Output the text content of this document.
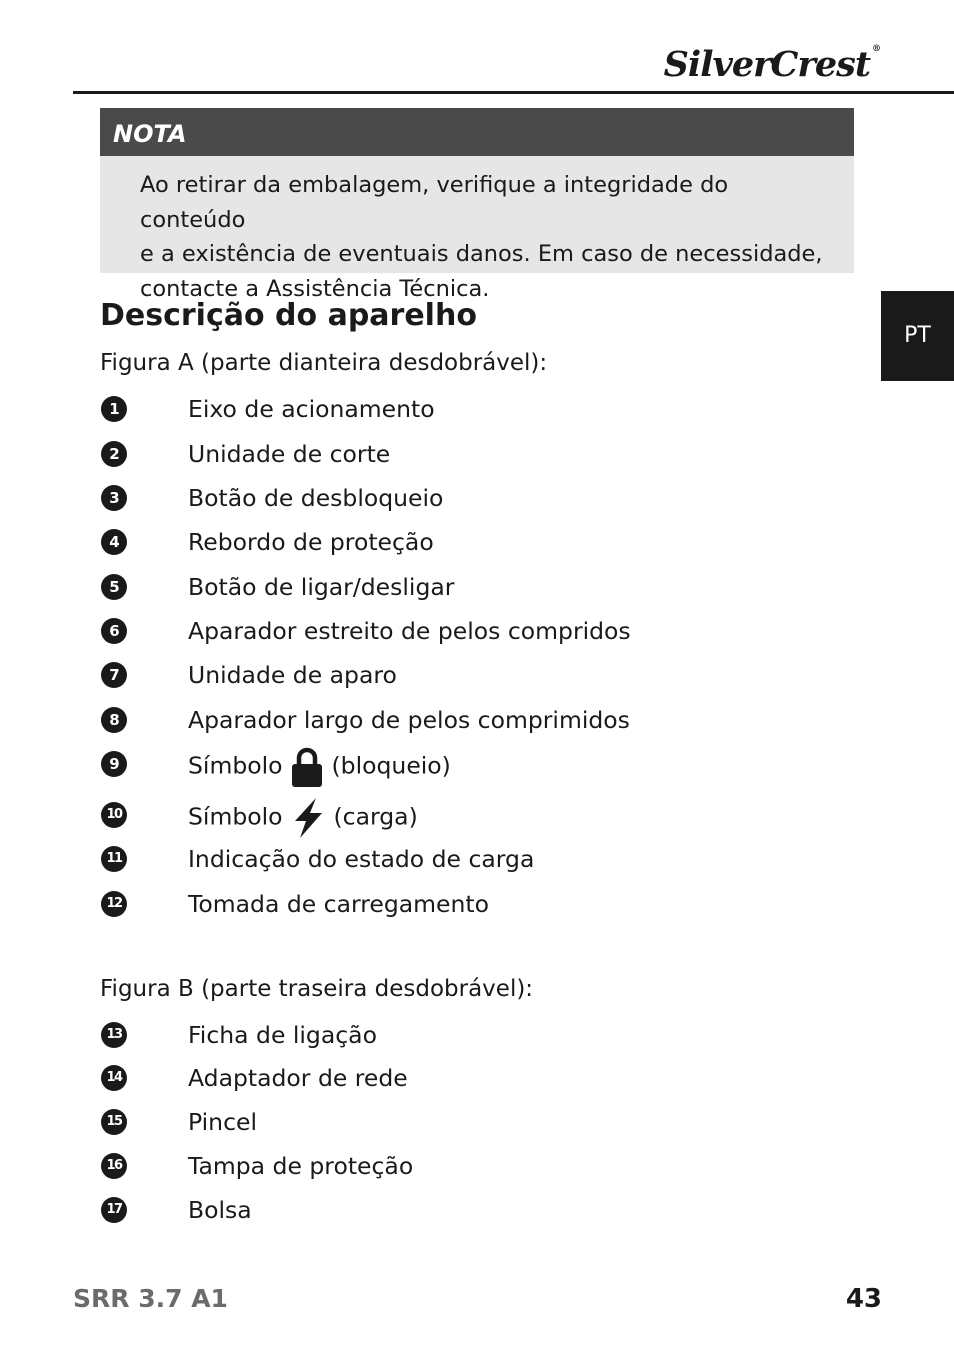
SilverCrest ®
NOTA
Ao retirar da embalagem, verifique a integridade do conteúdo
e a existência de eventuais danos. Em caso de necessidade,
contacte a Assistência Técnica.
Descrição do aparelho
Figura A (parte dianteira desdobrável):
1	Eixo de acionamento
2	Unidade de corte
3	Botão de desbloqueio
4	Rebordo de proteção
5	Botão de ligar/desligar
6	Aparador estreito de pelos compridos
7	Unidade de aparo
8	Aparador largo de pelos comprimidos
9	Símbolo (bloqueio)
10	Símbolo (carga)
11	Indicação do estado de carga
12	Tomada de carregamento
Figura B (parte traseira desdobrável):
13	Ficha de ligação
14	Adaptador de rede
15	Pincel
16	Tampa de proteção
17	Bolsa
PT
SRR 3.7 A1	43
